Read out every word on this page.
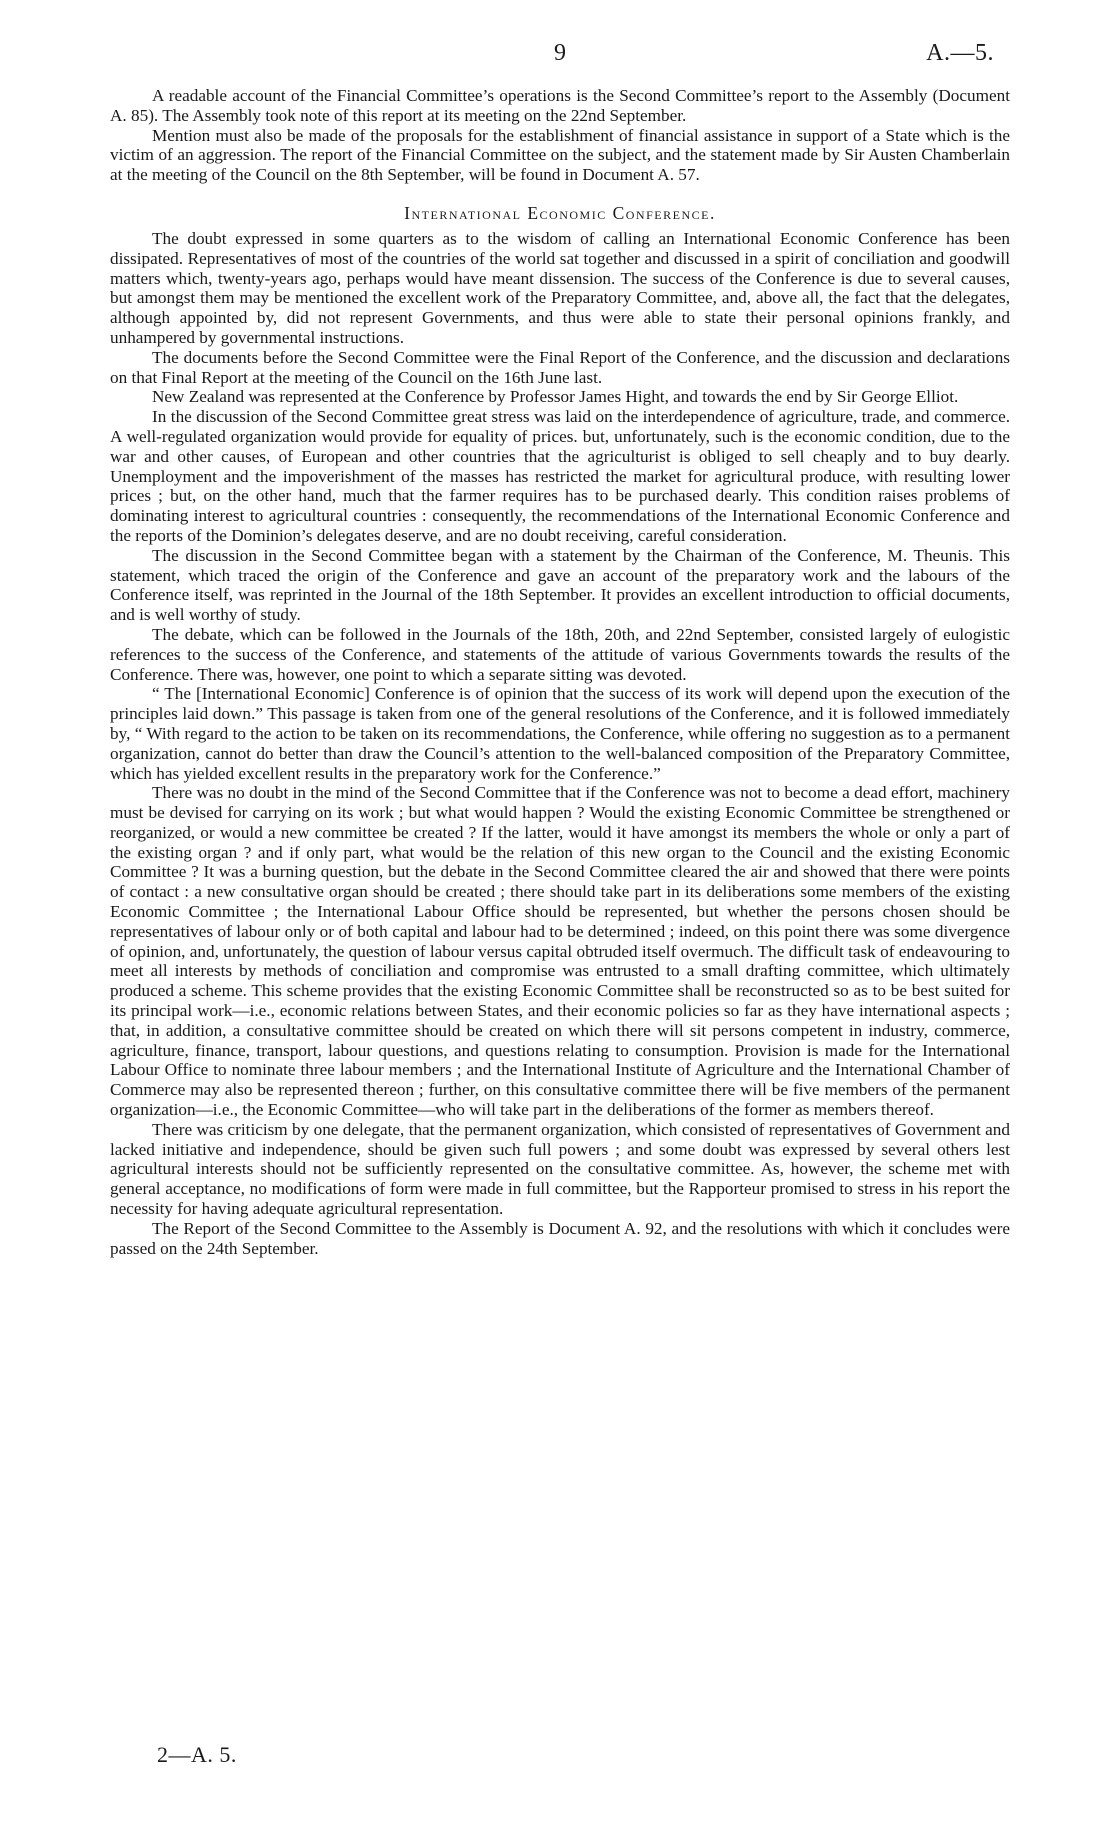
9	A.—5.

A readable account of the Financial Committee’s operations is the Second Committee’s report to the Assembly (Document A. 85). The Assembly took note of this report at its meeting on the 22nd September.

Mention must also be made of the proposals for the establishment of financial assistance in support of a State which is the victim of an aggression. The report of the Financial Committee on the subject, and the statement made by Sir Austen Chamberlain at the meeting of the Council on the 8th September, will be found in Document A. 57.

International Economic Conference.

The doubt expressed in some quarters as to the wisdom of calling an International Economic Conference has been dissipated. Representatives of most of the countries of the world sat together and discussed in a spirit of conciliation and goodwill matters which, twenty-years ago, perhaps would have meant dissension. The success of the Conference is due to several causes, but amongst them may be mentioned the excellent work of the Preparatory Committee, and, above all, the fact that the delegates, although appointed by, did not represent Governments, and thus were able to state their personal opinions frankly, and unhampered by governmental instructions.

The documents before the Second Committee were the Final Report of the Conference, and the discussion and declarations on that Final Report at the meeting of the Council on the 16th June last.

New Zealand was represented at the Conference by Professor James Hight, and towards the end by Sir George Elliot.

In the discussion of the Second Committee great stress was laid on the interdependence of agriculture, trade, and commerce. A well-regulated organization would provide for equality of prices. but, unfortunately, such is the economic condition, due to the war and other causes, of European and other countries that the agriculturist is obliged to sell cheaply and to buy dearly. Unemployment and the impoverishment of the masses has restricted the market for agricultural produce, with resulting lower prices ; but, on the other hand, much that the farmer requires has to be purchased dearly. This condition raises problems of dominating interest to agricultural countries : consequently, the recommendations of the International Economic Conference and the reports of the Dominion’s delegates deserve, and are no doubt receiving, careful consideration.

The discussion in the Second Committee began with a statement by the Chairman of the Conference, M. Theunis. This statement, which traced the origin of the Conference and gave an account of the preparatory work and the labours of the Conference itself, was reprinted in the Journal of the 18th September. It provides an excellent introduction to official documents, and is well worthy of study.

The debate, which can be followed in the Journals of the 18th, 20th, and 22nd September, consisted largely of eulogistic references to the success of the Conference, and statements of the attitude of various Governments towards the results of the Conference. There was, however, one point to which a separate sitting was devoted.

“ The [International Economic] Conference is of opinion that the success of its work will depend upon the execution of the principles laid down.” This passage is taken from one of the general resolutions of the Conference, and it is followed immediately by, “ With regard to the action to be taken on its recommendations, the Conference, while offering no suggestion as to a permanent organization, cannot do better than draw the Council’s attention to the well-balanced composition of the Preparatory Committee, which has yielded excellent results in the preparatory work for the Conference.”

There was no doubt in the mind of the Second Committee that if the Conference was not to become a dead effort, machinery must be devised for carrying on its work ; but what would happen ? Would the existing Economic Committee be strengthened or reorganized, or would a new committee be created ? If the latter, would it have amongst its members the whole or only a part of the existing organ ? and if only part, what would be the relation of this new organ to the Council and the existing Economic Committee ? It was a burning question, but the debate in the Second Committee cleared the air and showed that there were points of contact : a new consultative organ should be created ; there should take part in its deliberations some members of the existing Economic Committee ; the International Labour Office should be represented, but whether the persons chosen should be representatives of labour only or of both capital and labour had to be determined ; indeed, on this point there was some divergence of opinion, and, unfortunately, the question of labour versus capital obtruded itself overmuch. The difficult task of endeavouring to meet all interests by methods of conciliation and compromise was entrusted to a small drafting committee, which ultimately produced a scheme. This scheme provides that the existing Economic Committee shall be reconstructed so as to be best suited for its principal work—i.e., economic relations between States, and their economic policies so far as they have international aspects ; that, in addition, a consultative committee should be created on which there will sit persons competent in industry, commerce, agriculture, finance, transport, labour questions, and questions relating to consumption. Provision is made for the International Labour Office to nominate three labour members ; and the International Institute of Agriculture and the International Chamber of Commerce may also be represented thereon ; further, on this consultative committee there will be five members of the permanent organization—i.e., the Economic Committee—who will take part in the deliberations of the former as members thereof.

There was criticism by one delegate, that the permanent organization, which consisted of representatives of Government and lacked initiative and independence, should be given such full powers ; and some doubt was expressed by several others lest agricultural interests should not be sufficiently represented on the consultative committee. As, however, the scheme met with general acceptance, no modifications of form were made in full committee, but the Rapporteur promised to stress in his report the necessity for having adequate agricultural representation.

The Report of the Second Committee to the Assembly is Document A. 92, and the resolutions with which it concludes were passed on the 24th September.

2—A. 5.
